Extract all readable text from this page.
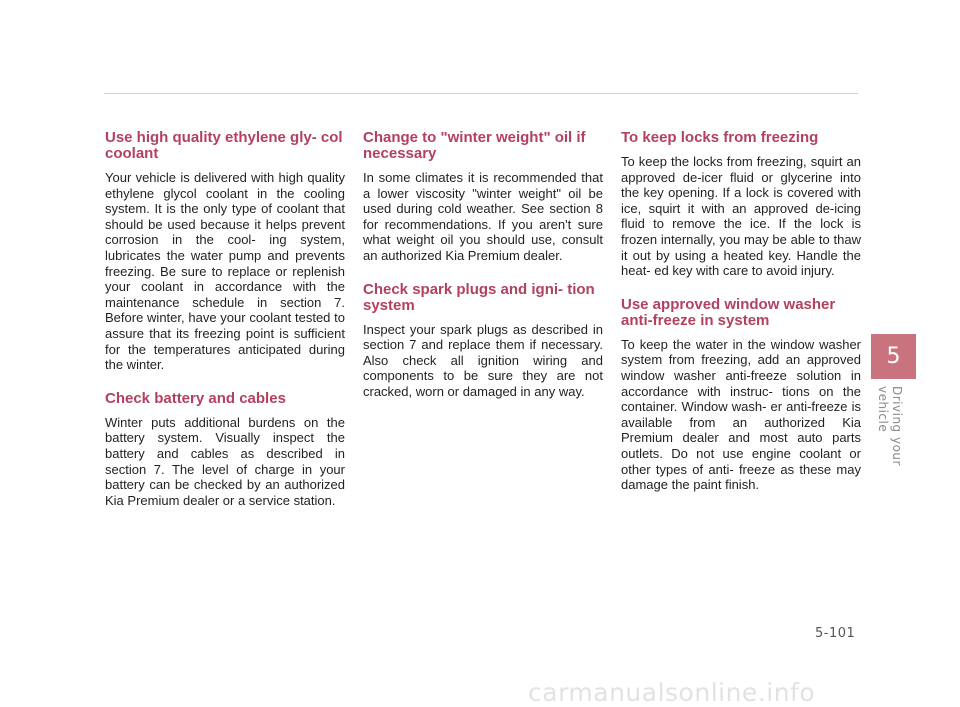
Use high quality ethylene gly- col coolant

Your vehicle is delivered with high quality ethylene glycol coolant in the cooling system. It is the only type of coolant that should be used because it helps prevent corrosion in the cool- ing system, lubricates the water pump and prevents freezing. Be sure to replace or replenish your coolant in accordance with the maintenance schedule in section 7. Before winter, have your coolant tested to assure that its freezing point is sufficient for the temperatures anticipated during the winter.

Check battery and cables

Winter puts additional burdens on the battery system. Visually inspect the battery and cables as described in section 7. The level of charge in your battery can be checked by an authorized Kia Premium dealer or a service station.

Change to "winter weight" oil if necessary

In some climates it is recommended that a lower viscosity "winter weight" oil be used during cold weather. See section 8 for recommendations. If you aren't sure what weight oil you should use, consult an authorized Kia Premium dealer.

Check spark plugs and igni- tion system

Inspect your spark plugs as described in section 7 and replace them if necessary. Also check all ignition wiring and components to be sure they are not cracked, worn or damaged in any way.

To keep locks from freezing

To keep the locks from freezing, squirt an approved de-icer fluid or glycerine into the key opening. If a lock is covered with ice, squirt it with an approved de-icing fluid to remove the ice. If the lock is frozen internally, you may be able to thaw it out by using a heated key. Handle the heat- ed key with care to avoid injury.

Use approved window washer anti-freeze in system

To keep the water in the window washer system from freezing, add an approved window washer anti-freeze solution in accordance with instruc- tions on the container. Window wash- er anti-freeze is available from an authorized Kia Premium dealer and most auto parts outlets. Do not use engine coolant or other types of anti- freeze as these may damage the paint finish.

5
Driving your vehicle
5-101
carmanualsonline.info
